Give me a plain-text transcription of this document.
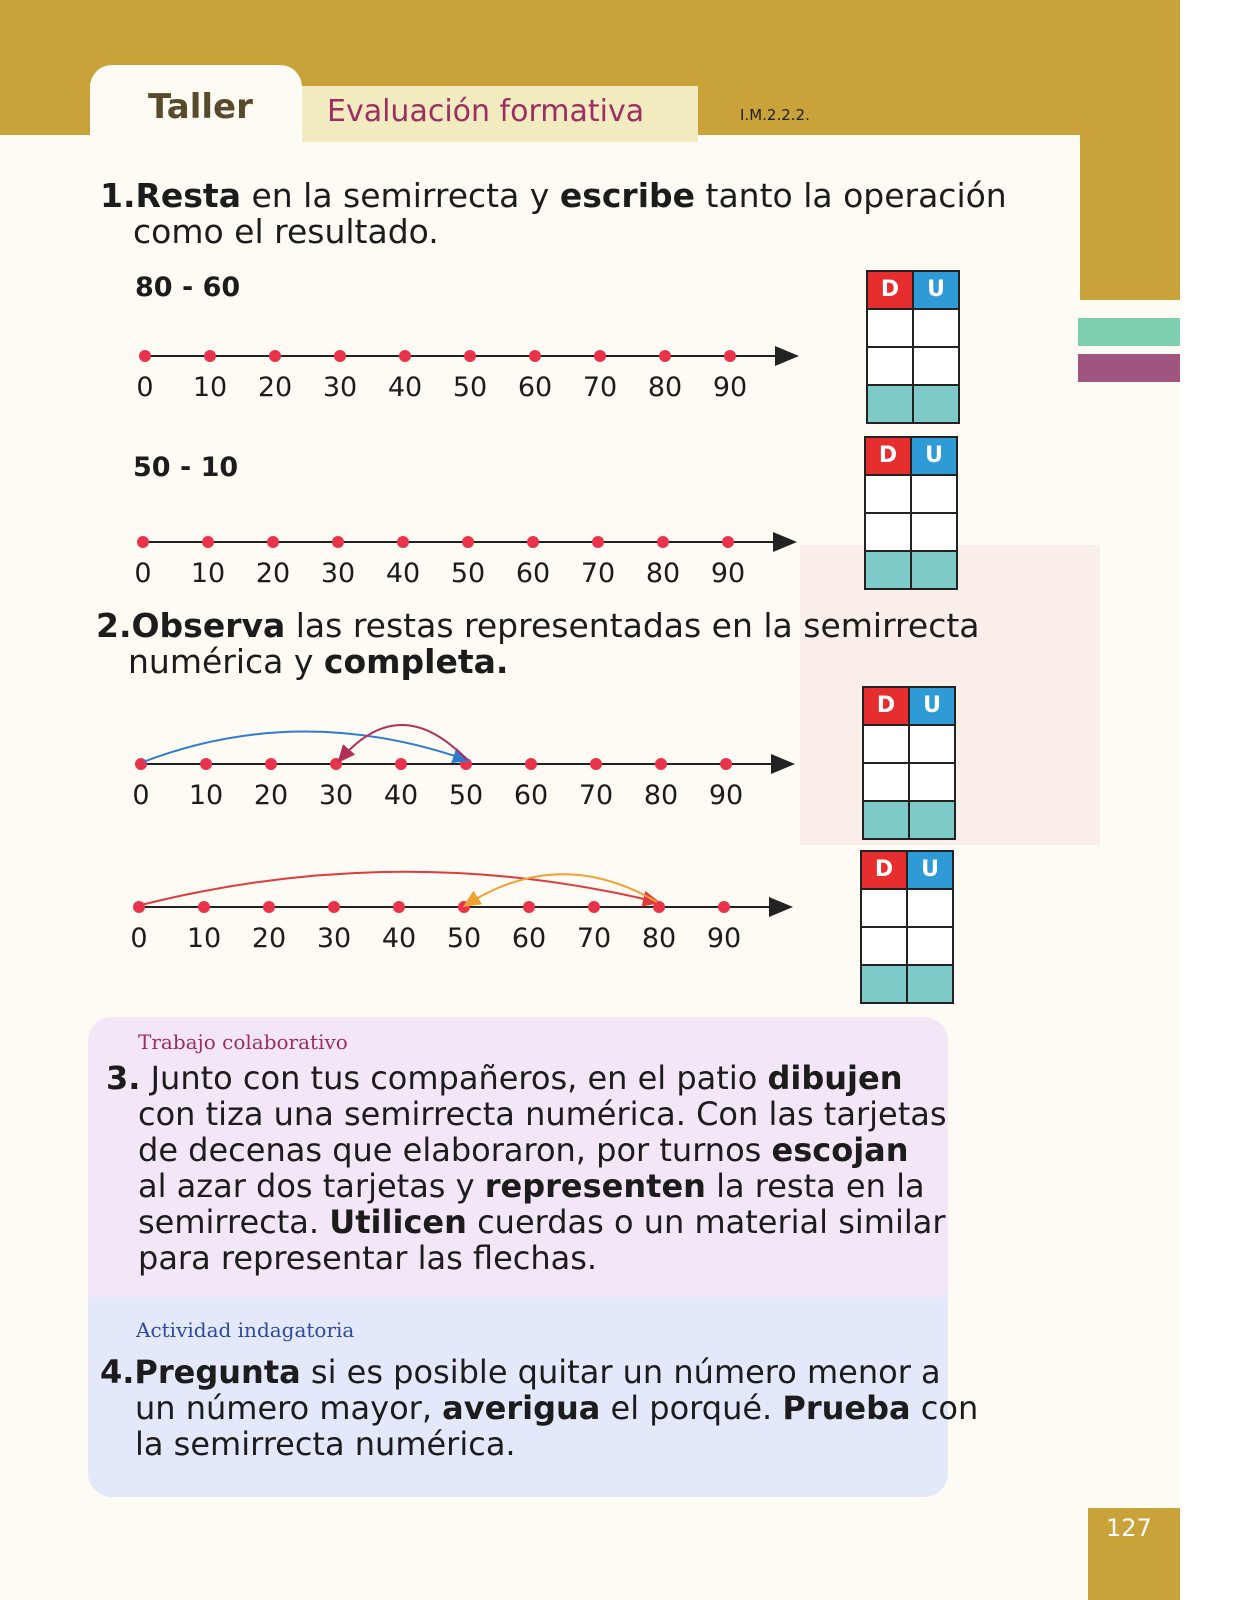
Taller Evaluación formativa	I.M.2.2.2.
1.Resta en la semirrecta y escribe tanto la operación
como el resultado.
80 - 60
50 - 10
2.Observa las restas representadas en la semirrecta
numérica y completa.
0 10 20 30 40 50 60 70 80 90
0 10 20 30 40 50 60 70 80 90
0 10 20 30 40 50 60 70 80 90
0 10 20 30 40 50 60 70 80 90
D	U
D	U
D	U
D	U
Trabajo colaborativo
3. Junto con tus compañeros, en el patio dibujen
con tiza una semirrecta numérica. Con las tarjetas
de decenas que elaboraron, por turnos escojan
al azar dos tarjetas y representen la resta en la
semirrecta. Utilicen cuerdas o un material similar
para representar las flechas.
Actividad indagatoria
4.Pregunta si es posible quitar un número menor a
un número mayor, averigua el porqué. Prueba con
la semirrecta numérica.
127
